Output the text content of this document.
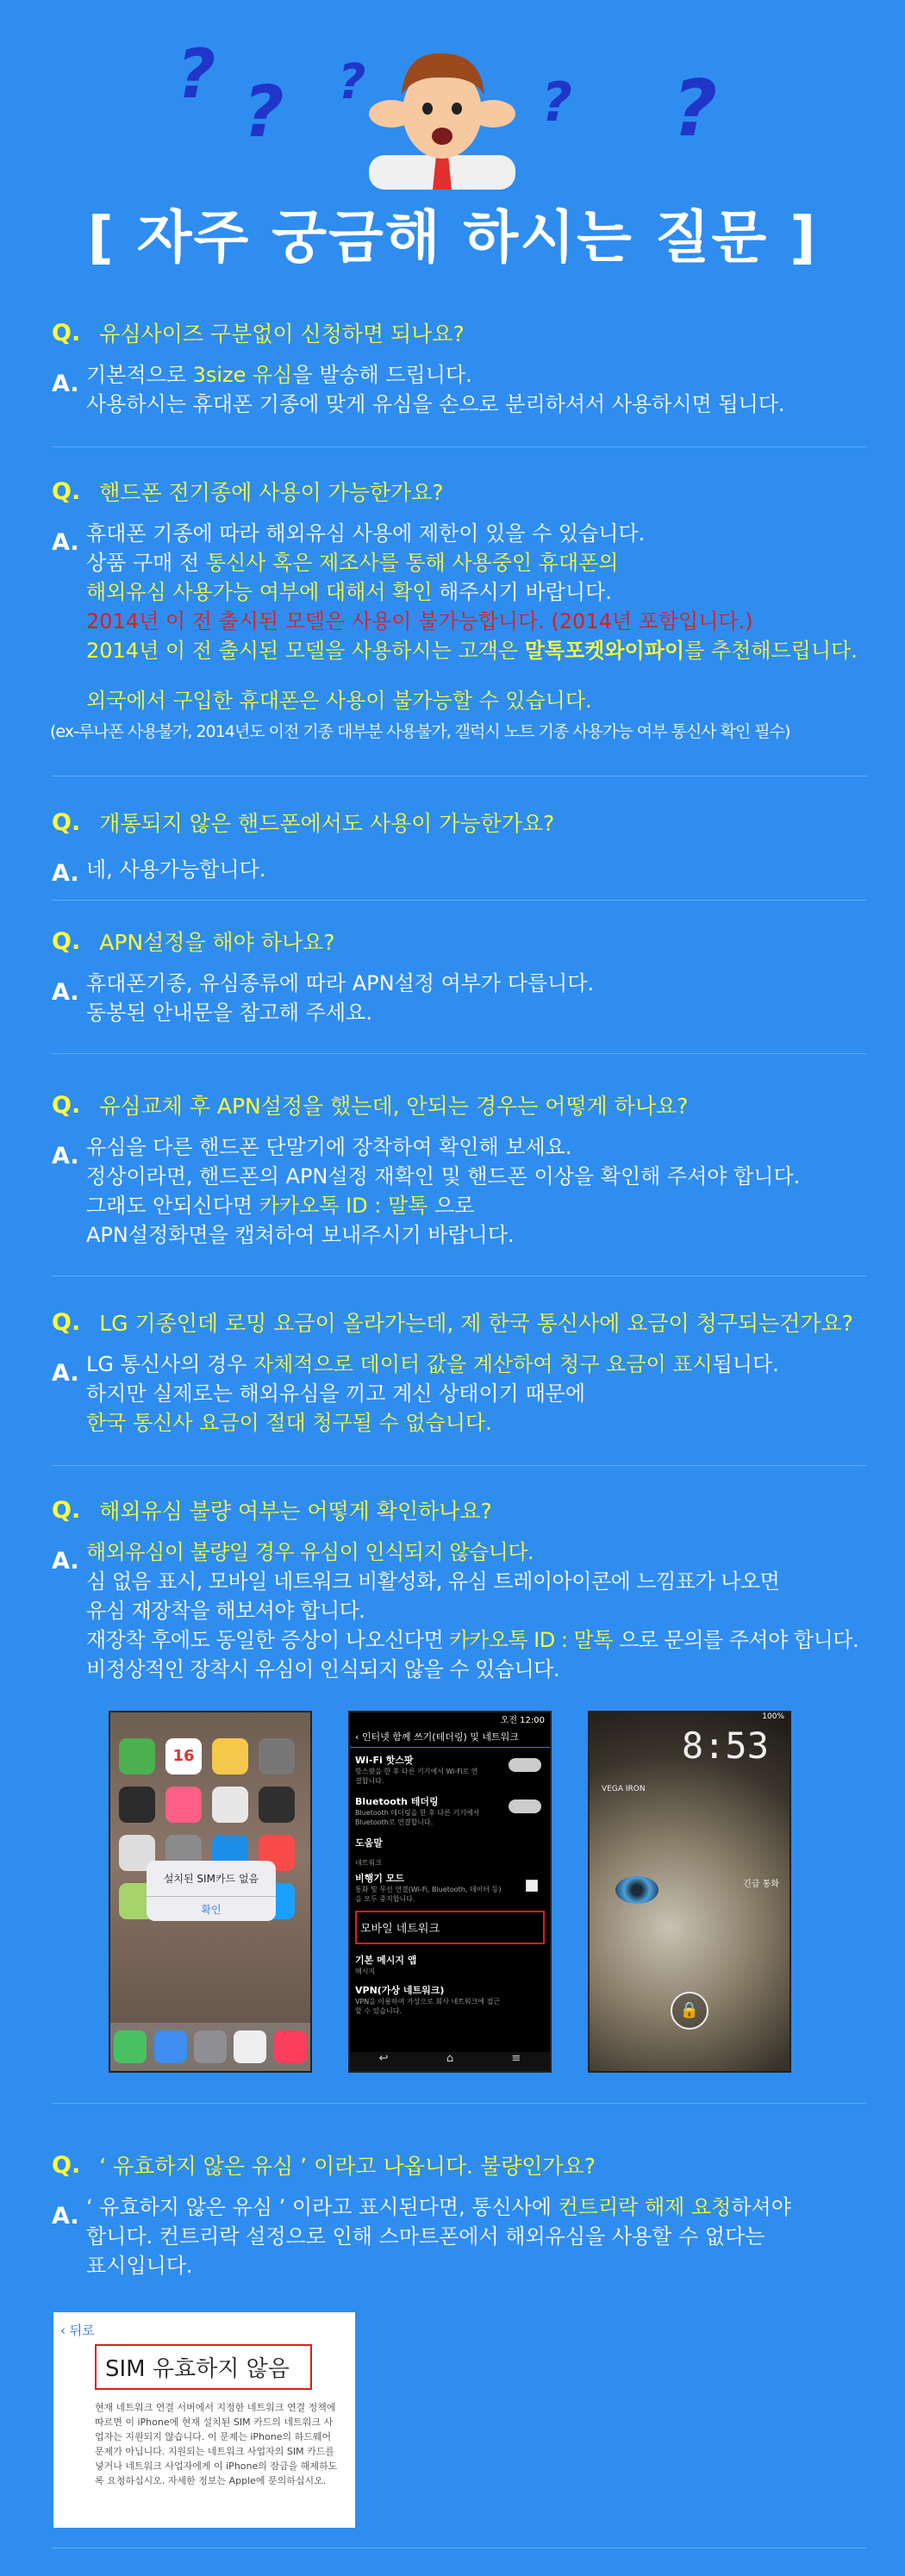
? ? ?	? ?
[ 자주 궁금해 하시는 질문 ]
Q. 유심사이즈 구분없이 신청하면 되나요?
A. 기본적으로 3size 유심을 발송해 드립니다.
사용하시는 휴대폰 기종에 맞게 유심을 손으로 분리하셔서 사용하시면 됩니다.
Q. 핸드폰 전기종에 사용이 가능한가요?
A. 휴대폰 기종에 따라 해외유심 사용에 제한이 있을 수 있습니다.
상품 구매 전 통신사 혹은 제조사를 통해 사용중인 휴대폰의
해외유심 사용가능 여부에 대해서 확인 해주시기 바랍니다.
2014년 이 전 출시된 모델은 사용이 불가능합니다. (2014년 포함입니다.)
2014년 이 전 출시된 모델을 사용하시는 고객은 말톡포켓와이파이를 추천해드립니다.
외국에서 구입한 휴대폰은 사용이 불가능할 수 있습니다.
(ex-루나폰 사용불가, 2014년도 이전 기종 대부분 사용불가, 갤럭시 노트 기종 사용가능 여부 통신사 확인 필수)
Q. 개통되지 않은 핸드폰에서도 사용이 가능한가요?
A. 네, 사용가능합니다.
Q. APN설정을 해야 하나요?
A. 휴대폰기종, 유심종류에 따라 APN설정 여부가 다릅니다.
동봉된 안내문을 참고해 주세요.
Q. 유심교체 후 APN설정을 했는데, 안되는 경우는 어떻게 하나요?
A. 유심을 다른 핸드폰 단말기에 장착하여 확인해 보세요.
정상이라면, 핸드폰의 APN설정 재확인 및 핸드폰 이상을 확인해 주셔야 합니다.
그래도 안되신다면 카카오톡 ID : 말톡 으로
APN설정화면을 캡쳐하여 보내주시기 바랍니다.
Q. LG 기종인데 로밍 요금이 올라가는데, 제 한국 통신사에 요금이 청구되는건가요?
A. LG 통신사의 경우 자체적으로 데이터 값을 계산하여 청구 요금이 표시됩니다.
하지만 실제로는 해외유심을 끼고 계신 상태이기 때문에
한국 통신사 요금이 절대 청구될 수 없습니다.
Q. 해외유심 불량 여부는 어떻게 확인하나요?
A. 해외유심이 불량일 경우 유심이 인식되지 않습니다.
심 없음 표시, 모바일 네트워크 비활성화, 유심 트레이아이콘에 느낌표가 나오면
유심 재장착을 해보셔야 합니다.
재장착 후에도 동일한 증상이 나오신다면 카카오톡 ID : 말톡 으로 문의를 주셔야 합니다.
비정상적인 장착시 유심이 인식되지 않을 수 있습니다.
16
설치된 SIM카드 없음
확인
오전 12:00
‹ 인터넷 함께 쓰기(테더링) 및 네트워크
Wi-Fi 핫스팟
핫스팟을 한 후 다른 기기에서 Wi-Fi로 연결합니다.
Bluetooth 테더링
Bluetooth 테더링을 한 후 다른 기기에서 Bluetooth로 연결합니다.
도움말
네트워크
비행기 모드
통화 및 무선 연결(Wi-Fi, Bluetooth, 데이터 등)을 모두 중지합니다.
모바일 네트워크
기본 메시지 앱
메시지
VPN(가상 네트워크)
VPN을 이용하여 가상으로 회사 네트워크에 접근할 수 있습니다.
↩	⌂	≡
100%
8:53
VEGA IRON
긴급 통화
🔒
Q. ‘ 유효하지 않은 유심 ’ 이라고 나옵니다. 불량인가요?
A. ‘ 유효하지 않은 유심 ’ 이라고 표시된다면, 통신사에 컨트리락 해제 요청하셔야
합니다. 컨트리락 설정으로 인해 스마트폰에서 해외유심을 사용할 수 없다는
표시입니다.
‹ 뒤로
SIM 유효하지 않음
현재 네트워크 연결 서버에서 지정한 네트워크 연결 정책에 따르면 이 iPhone에 현재 설치된 SIM 카드의 네트워크 사업자는 지원되지 않습니다. 이 문제는 iPhone의 하드웨어 문제가 아닙니다. 지원되는 네트워크 사업자의 SIM 카드를 넣거나 네트워크 사업자에게 이 iPhone의 잠금을 해제하도록 요청하십시오. 자세한 정보는 Apple에 문의하십시오.
